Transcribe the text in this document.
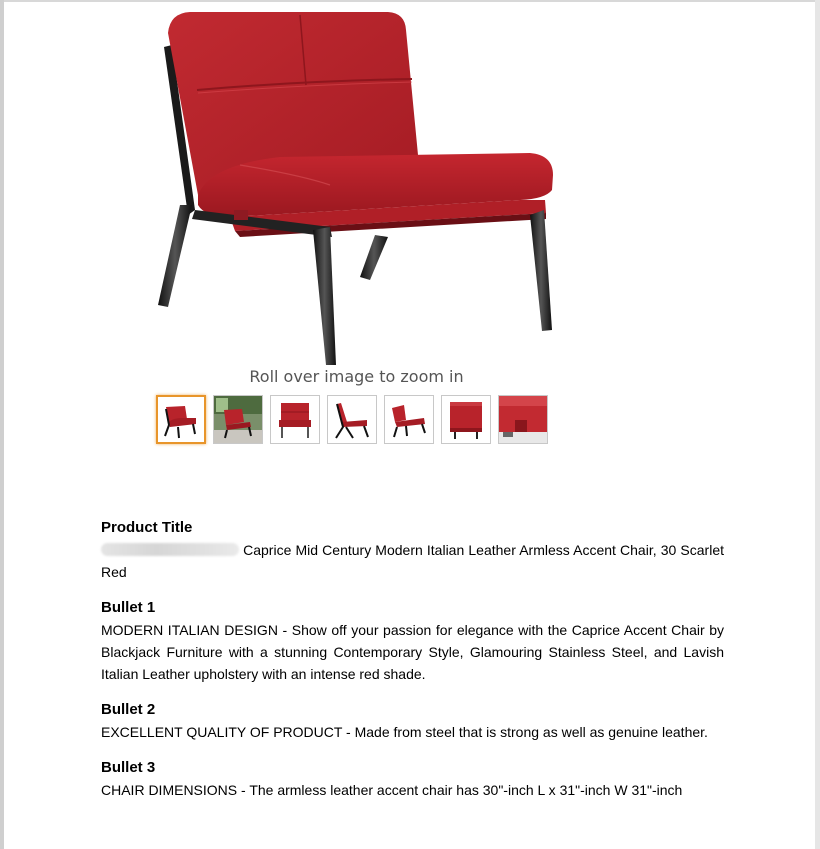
Roll over image to zoom in

Product Title

Caprice Mid Century Modern Italian Leather Armless Accent Chair, 30 Scarlet Red

Bullet 1

MODERN ITALIAN DESIGN - Show off your passion for elegance with the Caprice Accent Chair by Blackjack Furniture with a stunning Contemporary Style, Glamouring Stainless Steel, and Lavish Italian Leather upholstery with an intense red shade.

Bullet 2

EXCELLENT QUALITY OF PRODUCT - Made from steel that is strong as well as genuine leather.

Bullet 3

CHAIR DIMENSIONS - The armless leather accent chair has 30"-inch L x 31"-inch W 31"-inch
